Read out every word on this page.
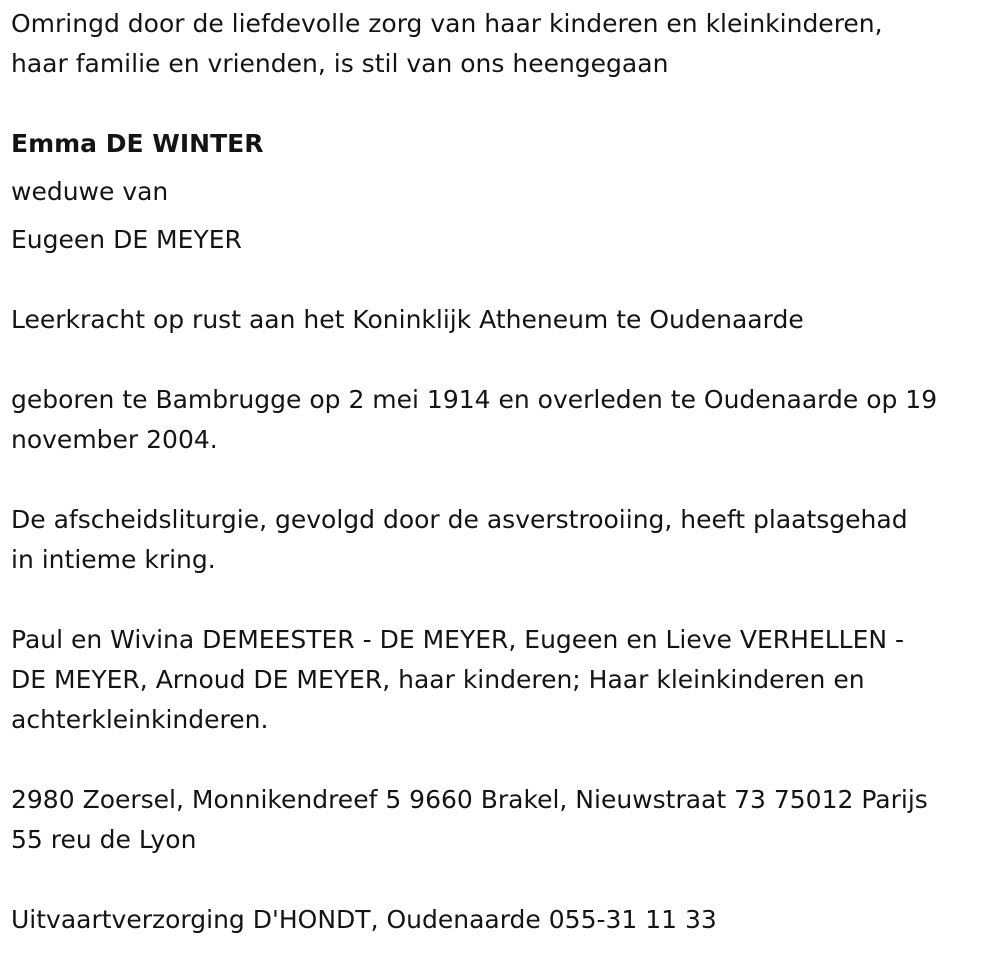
Omringd door de liefdevolle zorg van haar kinderen en kleinkinderen,
haar familie en vrienden, is stil van ons heengegaan

Emma DE WINTER

weduwe van

Eugeen DE MEYER

Leerkracht op rust aan het Koninklijk Atheneum te Oudenaarde

geboren te Bambrugge op 2 mei 1914 en overleden te Oudenaarde op 19
november 2004.

De afscheidsliturgie, gevolgd door de asverstrooiing, heeft plaatsgehad
in intieme kring.

Paul en Wivina DEMEESTER - DE MEYER, Eugeen en Lieve VERHELLEN -
DE MEYER, Arnoud DE MEYER, haar kinderen; Haar kleinkinderen en
achterkleinkinderen.

2980 Zoersel, Monnikendreef 5 9660 Brakel, Nieuwstraat 73 75012 Parijs
55 reu de Lyon

Uitvaartverzorging D'HONDT, Oudenaarde 055-31 11 33
